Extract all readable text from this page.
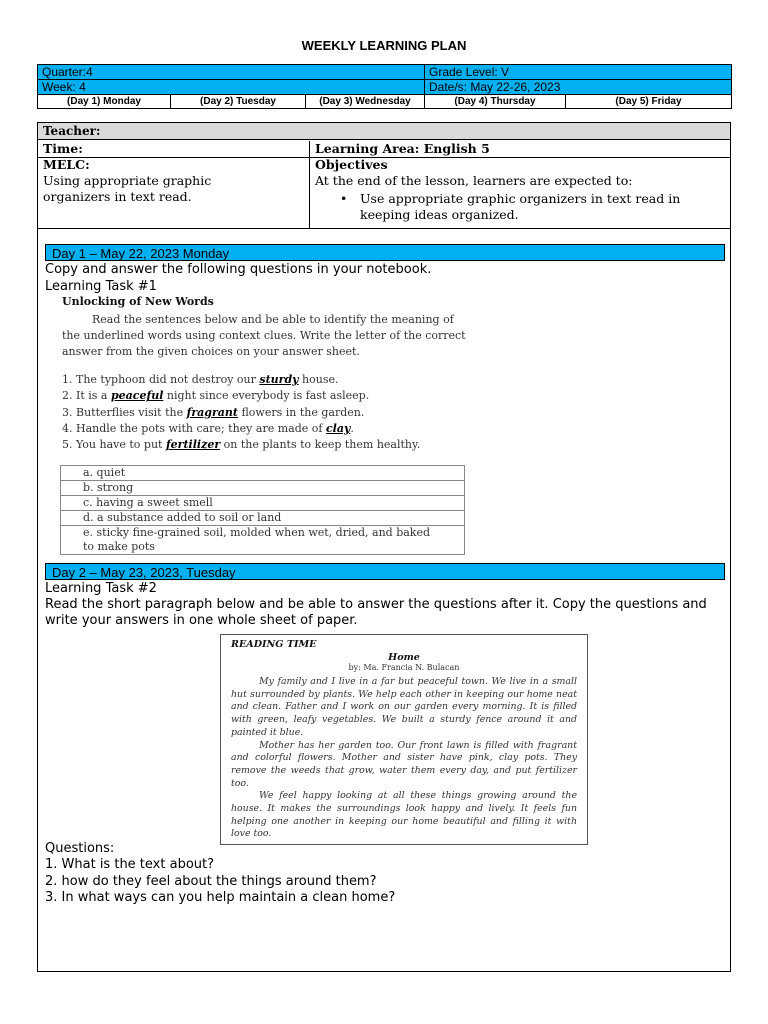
WEEKLY LEARNING PLAN
Quarter:4			Grade Level: V	
Week: 4			Date/s: May 22-26, 2023	
(Day 1) Monday	(Day 2) Tuesday	(Day 3) Wednesday	(Day 4) Thursday	(Day 5) Friday
Teacher:
Time:	Learning Area: English 5
MELC:
Using appropriate graphic organizers in text read.
Objectives
At the end of the lesson, learners are expected to:
• Use appropriate graphic organizers in text read in keeping ideas organized.
Day 1 – May 22, 2023 Monday
Copy and answer the following questions in your notebook.
Learning Task #1
Unlocking of New Words
Read the sentences below and be able to identify the meaning of the underlined words using context clues. Write the letter of the correct answer from the given choices on your answer sheet.
1. The typhoon did not destroy our sturdy house.
2. It is a peaceful night since everybody is fast asleep.
3. Butterflies visit the fragrant flowers in the garden.
4. Handle the pots with care; they are made of clay.
5. You have to put fertilizer on the plants to keep them healthy.
a. quiet
b. strong
c. having a sweet smell
d. a substance added to soil or land
e. sticky fine-grained soil, molded when wet, dried, and baked to make pots
Day 2 – May 23, 2023, Tuesday
Learning Task #2
Read the short paragraph below and be able to answer the questions after it. Copy the questions and write your answers in one whole sheet of paper.
READING TIME
Home
by: Ma. Francia N. Bulacan

My family and I live in a far but peaceful town. We live in a small hut surrounded by plants. We help each other in keeping our home neat and clean. Father and I work on our garden every morning. It is filled with green, leafy vegetables. We built a sturdy fence around it and painted it blue.

Mother has her garden too. Our front lawn is filled with fragrant and colorful flowers. Mother and sister have pink, clay pots. They remove the weeds that grow, water them every day, and put fertilizer too.

We feel happy looking at all these things growing around the house. It makes the surroundings look happy and lively. It feels fun helping one another in keeping our home beautiful and filling it with love too.

Questions:
1. What is the text about?
2. how do they feel about the things around them?
3. In what ways can you help maintain a clean home?
